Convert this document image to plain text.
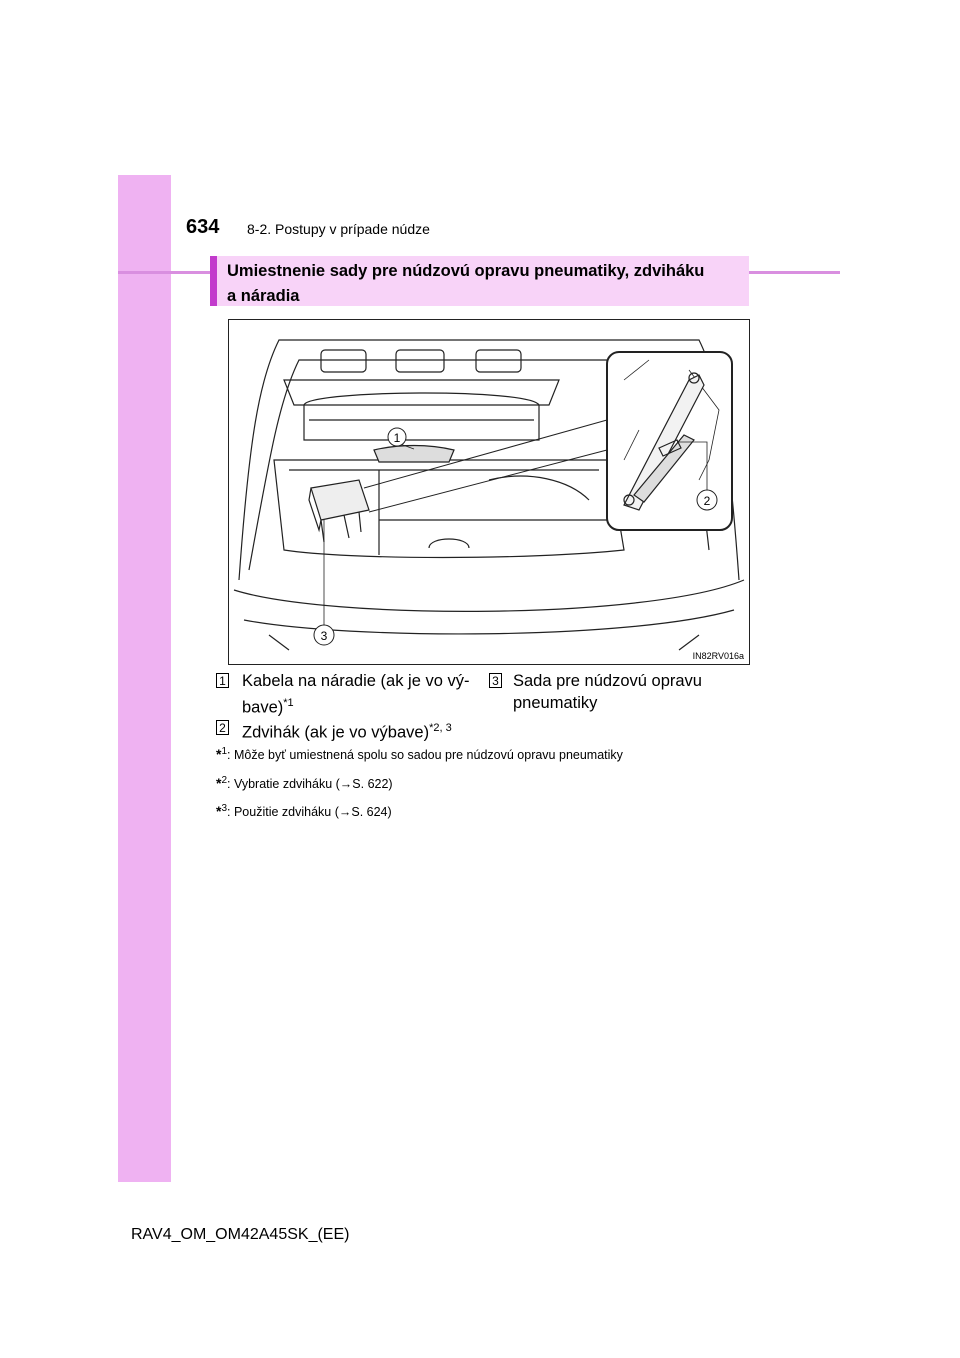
634 8-2. Postupy v prípade núdze
Umiestnenie sady pre núdzovú opravu pneumatiky, zdviháku
a náradia
1
3
2
IN82RV016a
1 Kabela na náradie (ak je vo vý-
bave)$^{*1}$
3 Sada pre núdzovú opravu
pneumatiky
2 Zdvihák (ak je vo výbave)$^{*2, 3}$
*$^1$: Môže byť umiestnená spolu so sadou pre núdzovú opravu pneumatiky
*$^2$: Vybratie zdviháku (→S. 622)
*$^3$: Použitie zdviháku (→S. 624)
RAV4_OM_OM42A45SK_(EE)
